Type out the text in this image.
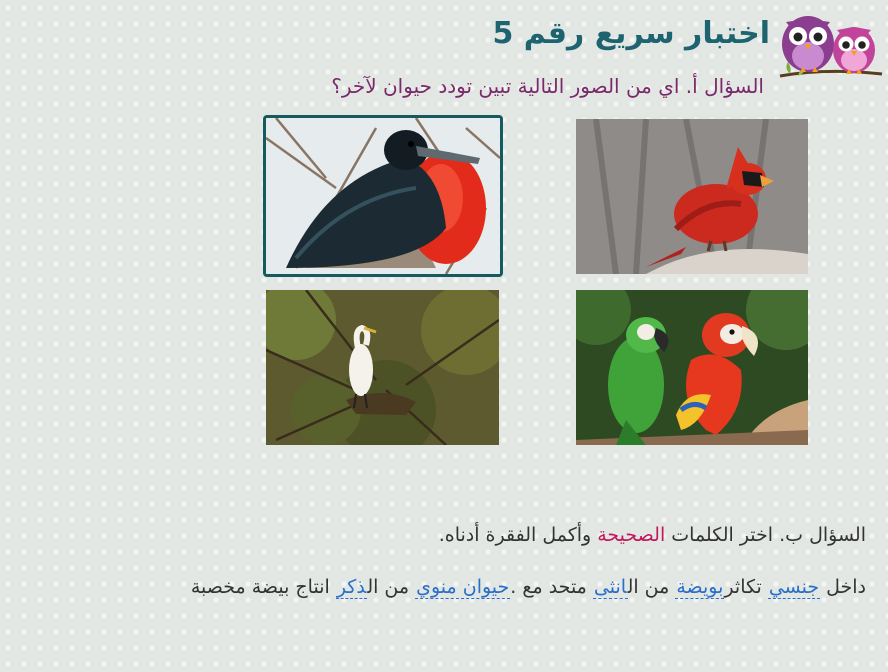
اختبار سريع رقم 5

السؤال أ. اي من الصور التالية تبين تودد حيوان لآخر؟

السؤال ب. اختر الكلمات الصحيحة وأكمل الفقرة أدناه.

داخل جنسي تكاثربويضة من الانثى متحد مع .حيوان منوي من الذكر انتاج بيضة مخصبة
